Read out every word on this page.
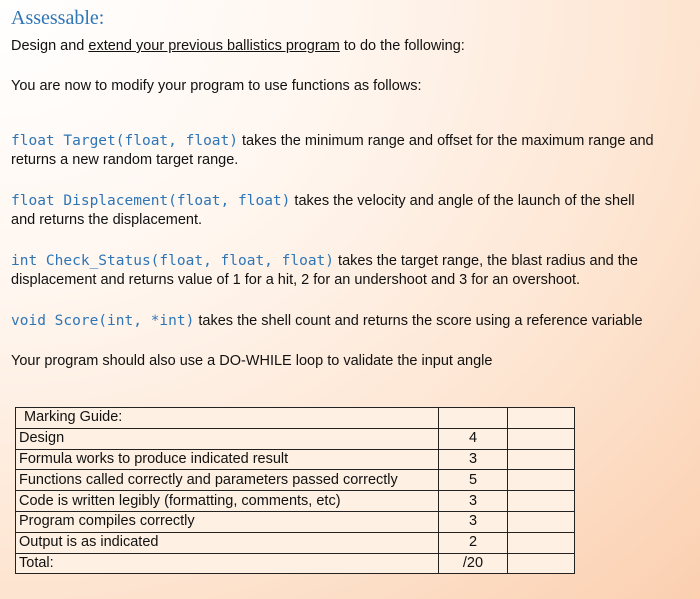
Assessable:
Design and extend your previous ballistics program to do the following:
You are now to modify your program to use functions as follows:
float Target(float, float) takes the minimum range and offset for the maximum range and
returns a new random target range.
float Displacement(float, float) takes the velocity and angle of the launch of the shell
and returns the displacement.
int Check_Status(float, float, float) takes the target range, the blast radius and the
displacement and returns value of 1 for a hit, 2 for an undershoot and 3 for an overshoot.
void Score(int, *int) takes the shell count and returns the score using a reference variable
Your program should also use a DO-WHILE loop to validate the input angle
Marking Guide:		
Design	4	
Formula works to produce indicated result	3	
Functions called correctly and parameters passed correctly	5	
Code is written legibly (formatting, comments, etc)	3	
Program compiles correctly	3	
Output is as indicated	2	
Total:	/20	
